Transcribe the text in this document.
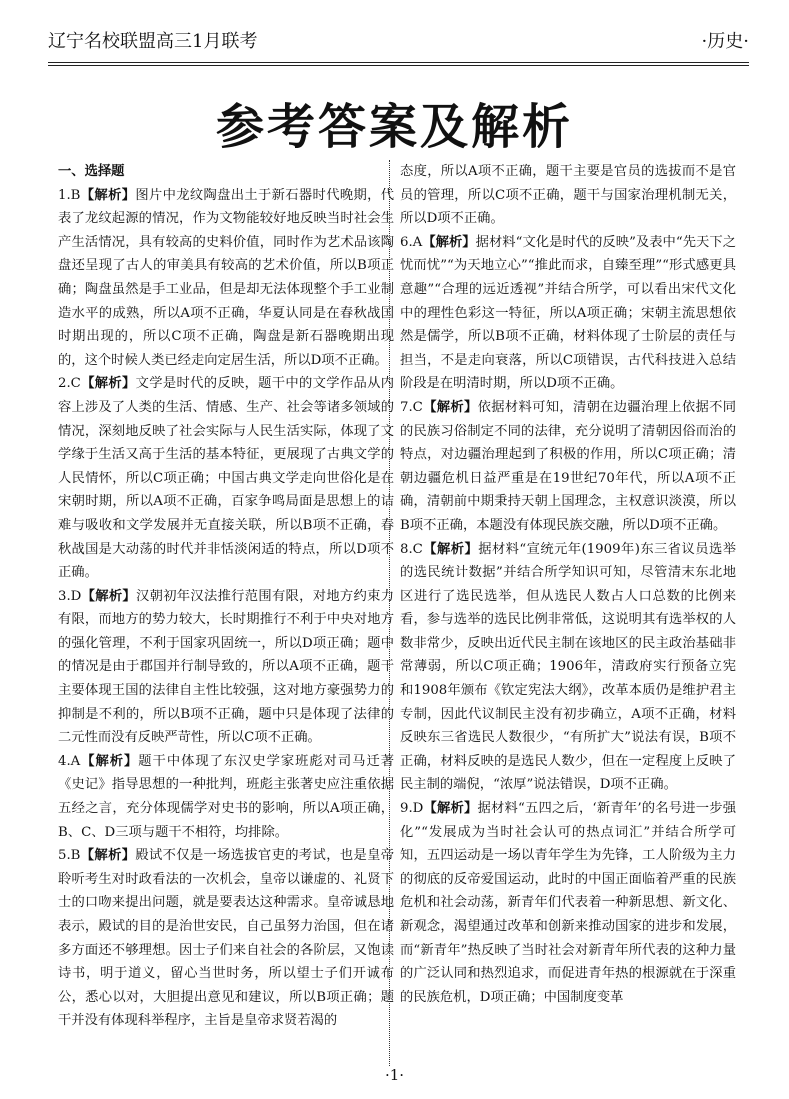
辽宁名校联盟高三1月联考	·历史·
参考答案及解析

一、选择题

1.B【解析】图片中龙纹陶盘出土于新石器时代晚期，代表了龙纹起源的情况，作为文物能较好地反映当时社会生产生活情况，具有较高的史料价值，同时作为艺术品该陶盘还呈现了古人的审美具有较高的艺术价值，所以B项正确；陶盘虽然是手工业品，但是却无法体现整个手工业制造水平的成熟，所以A项不正确，华夏认同是在春秋战国时期出现的，所以C项不正确，陶盘是新石器晚期出现的，这个时候人类已经走向定居生活，所以D项不正确。

2.C【解析】文学是时代的反映，题干中的文学作品从内容上涉及了人类的生活、情感、生产、社会等诸多领域的情况，深刻地反映了社会实际与人民生活实际，体现了文学缘于生活又高于生活的基本特征，更展现了古典文学的人民情怀，所以C项正确；中国古典文学走向世俗化是在宋朝时期，所以A项不正确，百家争鸣局面是思想上的诘难与吸收和文学发展并无直接关联，所以B项不正确，春秋战国是大动荡的时代并非恬淡闲适的特点，所以D项不正确。

3.D【解析】汉朝初年汉法推行范围有限，对地方约束力有限，而地方的势力较大，长时期推行不利于中央对地方的强化管理，不利于国家巩固统一，所以D项正确；题中的情况是由于郡国并行制导致的，所以A项不正确，题干主要体现王国的法律自主性比较强，这对地方豪强势力的抑制是不利的，所以B项不正确，题中只是体现了法律的二元性而没有反映严苛性，所以C项不正确。

4.A【解析】题干中体现了东汉史学家班彪对司马迁著《史记》指导思想的一种批判，班彪主张著史应注重依据五经之言，充分体现儒学对史书的影响，所以A项正确，B、C、D三项与题干不相符，均排除。

5.B【解析】殿试不仅是一场选拔官吏的考试，也是皇帝聆听考生对时政看法的一次机会，皇帝以谦虚的、礼贤下士的口吻来提出问题，就是要表达这种需求。皇帝诚恳地表示，殿试的目的是治世安民，自己虽努力治国，但在诸多方面还不够理想。因士子们来自社会的各阶层，又饱读诗书，明于道义，留心当世时务，所以望士子们开诚布公，悉心以对，大胆提出意见和建议，所以B项正确；题干并没有体现科举程序，主旨是皇帝求贤若渴的

态度，所以A项不正确，题干主要是官员的选拔而不是官员的管理，所以C项不正确，题干与国家治理机制无关，所以D项不正确。

6.A【解析】据材料“文化是时代的反映”及表中“先天下之忧而忧”“为天地立心”“推此而求，自臻至理”“形式感更具意趣”“合理的远近透视”并结合所学，可以看出宋代文化中的理性色彩这一特征，所以A项正确；宋朝主流思想依然是儒学，所以B项不正确，材料体现了士阶层的责任与担当，不是走向衰落，所以C项错误，古代科技进入总结阶段是在明清时期，所以D项不正确。

7.C【解析】依据材料可知，清朝在边疆治理上依据不同的民族习俗制定不同的法律，充分说明了清朝因俗而治的特点，对边疆治理起到了积极的作用，所以C项正确；清朝边疆危机日益严重是在19世纪70年代，所以A项不正确，清朝前中期秉持天朝上国理念，主权意识淡漠，所以B项不正确，本题没有体现民族交融，所以D项不正确。

8.C【解析】据材料“宣统元年(1909年)东三省议员选举的选民统计数据”并结合所学知识可知，尽管清末东北地区进行了选民选举，但从选民人数占人口总数的比例来看，参与选举的选民比例非常低，这说明其有选举权的人数非常少，反映出近代民主制在该地区的民主政治基础非常薄弱，所以C项正确；1906年，清政府实行预备立宪和1908年颁布《钦定宪法大纲》，改革本质仍是维护君主专制，因此代议制民主没有初步确立，A项不正确，材料反映东三省选民人数很少，“有所扩大”说法有误，B项不正确，材料反映的是选民人数少，但在一定程度上反映了民主制的端倪，“浓厚”说法错误，D项不正确。

9.D【解析】据材料“五四之后，‘新青年’的名号进一步强化”“发展成为当时社会认可的热点词汇”并结合所学可知，五四运动是一场以青年学生为先锋，工人阶级为主力的彻底的反帝爱国运动，此时的中国正面临着严重的民族危机和社会动荡，新青年们代表着一种新思想、新文化、新观念，渴望通过改革和创新来推动国家的进步和发展，而“新青年”热反映了当时社会对新青年所代表的这种力量的广泛认同和热烈追求，而促进青年热的根源就在于深重的民族危机，D项正确；中国制度变革

·1·
